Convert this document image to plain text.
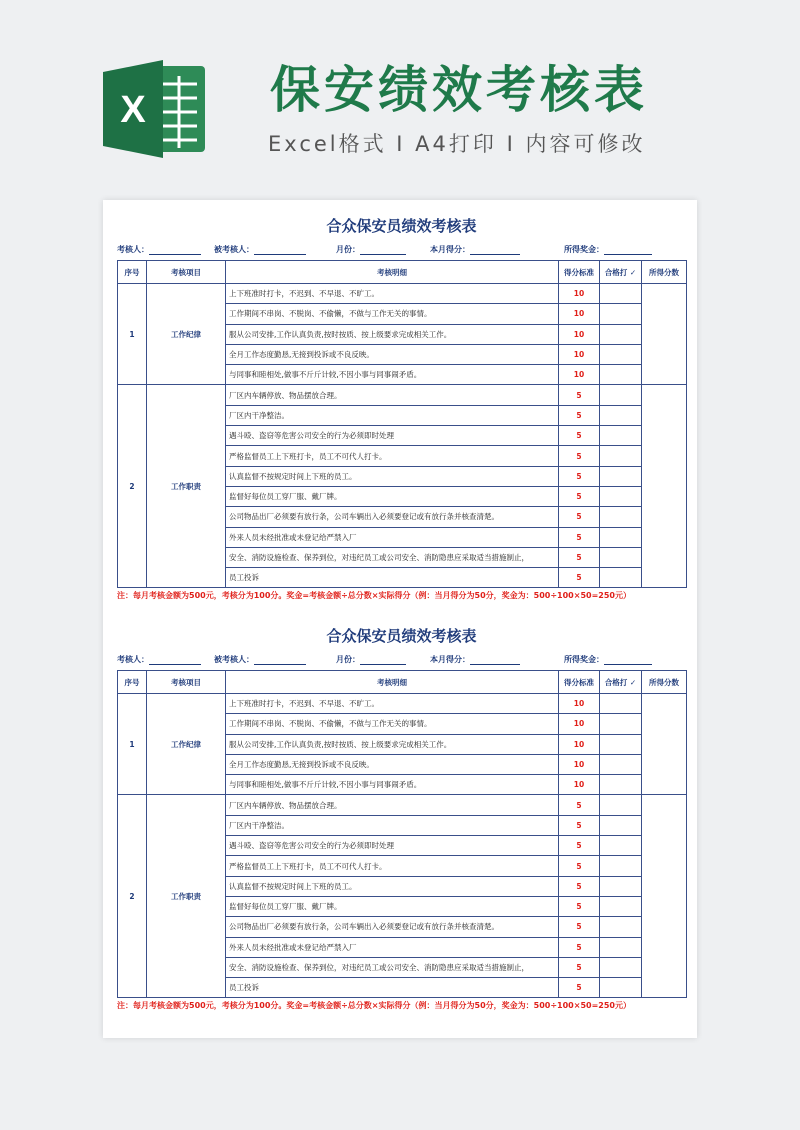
X 保安绩效考核表
Excel格式 I A4打印 I 内容可修改
合众保安员绩效考核表
考核人：	被考核人：	月份：	本月得分：	所得奖金：
序号	考核项目	考核明细	得分标准	合格打 ✓	所得分数
1	工作纪律	上下班准时打卡，不迟到、不早退、不旷工。	10		
		工作期间不串岗、不脱岗、不偷懒，不做与工作无关的事情。	10		
		服从公司安排,工作认真负责,按时按质、按上级要求完成相关工作。	10		
		全月工作态度勤恳,无接到投诉或不良反映。	10		
		与同事和睦相处,做事不斤斤计较,不因小事与同事闹矛盾。	10		
2	工作职责	厂区内车辆停放、物品摆放合理。	5		
		厂区内干净整洁。	5		
		遇斗殴、盗窃等危害公司安全的行为必须即时处理	5		
		严格监督员工上下班打卡，员工不可代人打卡。	5		
		认真监督不按规定时间上下班的员工。	5		
		监督好每位员工穿厂服、戴厂牌。	5		
		公司物品出厂必须要有放行条，公司车辆出入必须要登记或有放行条并核查清楚。	5		
		外来人员未经批准或未登记给严禁入厂	5		
		安全、消防设施检查、保养到位，对违纪员工或公司安全、消防隐患应采取适当措施制止，	5		
		员工投诉	5		
注：每月考核金额为500元，考核分为100分。奖金=考核金额÷总分数×实际得分（例：当月得分为50分，奖金为：500÷100×50=250元）
合众保安员绩效考核表
考核人：	被考核人：	月份：	本月得分：	所得奖金：
序号	考核项目	考核明细	得分标准	合格打 ✓	所得分数
1	工作纪律	上下班准时打卡，不迟到、不早退、不旷工。	10		
		工作期间不串岗、不脱岗、不偷懒，不做与工作无关的事情。	10		
		服从公司安排,工作认真负责,按时按质、按上级要求完成相关工作。	10		
		全月工作态度勤恳,无接到投诉或不良反映。	10		
		与同事和睦相处,做事不斤斤计较,不因小事与同事闹矛盾。	10		
2	工作职责	厂区内车辆停放、物品摆放合理。	5		
		厂区内干净整洁。	5		
		遇斗殴、盗窃等危害公司安全的行为必须即时处理	5		
		严格监督员工上下班打卡，员工不可代人打卡。	5		
		认真监督不按规定时间上下班的员工。	5		
		监督好每位员工穿厂服、戴厂牌。	5		
		公司物品出厂必须要有放行条，公司车辆出入必须要登记或有放行条并核查清楚。	5		
		外来人员未经批准或未登记给严禁入厂	5		
		安全、消防设施检查、保养到位，对违纪员工或公司安全、消防隐患应采取适当措施制止，	5		
		员工投诉	5		
注：每月考核金额为500元，考核分为100分。奖金=考核金额÷总分数×实际得分（例：当月得分为50分，奖金为：500÷100×50=250元）
